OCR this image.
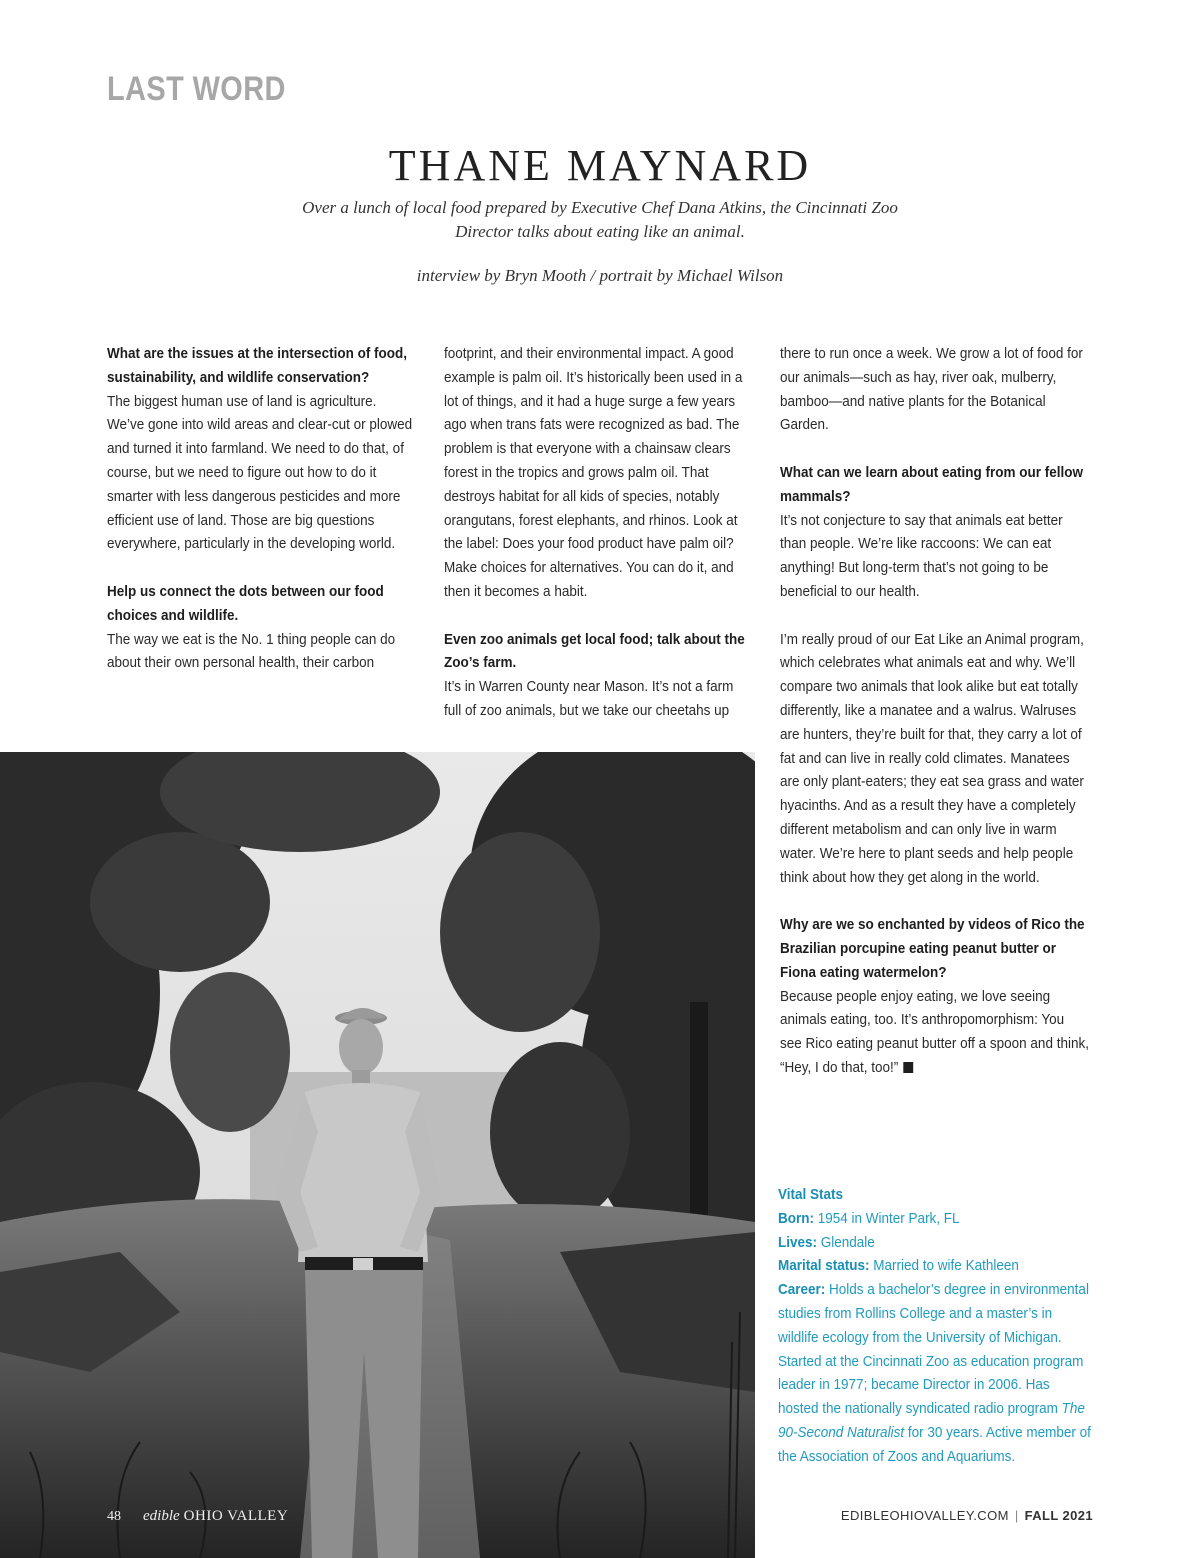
LAST WORD
THANE MAYNARD
Over a lunch of local food prepared by Executive Chef Dana Atkins, the Cincinnati Zoo Director talks about eating like an animal.
interview by Bryn Mooth / portrait by Michael Wilson

What are the issues at the intersection of food, sustainability, and wildlife conservation?

The biggest human use of land is agriculture. We’ve gone into wild areas and clear-cut or plowed and turned it into farmland. We need to do that, of course, but we need to figure out how to do it smarter with less dangerous pesticides and more efficient use of land. Those are big questions everywhere, particularly in the developing world.

Help us connect the dots between our food choices and wildlife.

The way we eat is the No. 1 thing people can do about their own personal health, their carbon

footprint, and their environmental impact. A good example is palm oil. It’s historically been used in a lot of things, and it had a huge surge a few years ago when trans fats were recognized as bad. The problem is that everyone with a chainsaw clears forest in the tropics and grows palm oil. That destroys habitat for all kids of species, notably orangutans, forest elephants, and rhinos. Look at the label: Does your food product have palm oil? Make choices for alternatives. You can do it, and then it becomes a habit.

Even zoo animals get local food; talk about the Zoo’s farm.

It’s in Warren County near Mason. It’s not a farm full of zoo animals, but we take our cheetahs up

there to run once a week. We grow a lot of food for our animals—such as hay, river oak, mulberry, bamboo—and native plants for the Botanical Garden.

What can we learn about eating from our fellow mammals?

It’s not conjecture to say that animals eat better than people. We’re like raccoons: We can eat anything! But long-term that’s not going to be beneficial to our health.

I’m really proud of our Eat Like an Animal program, which celebrates what animals eat and why. We’ll compare two animals that look alike but eat totally differently, like a manatee and a walrus. Walruses are hunters, they’re built for that, they carry a lot of fat and can live in really cold climates. Manatees are only plant-eaters; they eat sea grass and water hyacinths. And as a result they have a completely different metabolism and can only live in warm water. We’re here to plant seeds and help people think about how they get along in the world.

Why are we so enchanted by videos of Rico the Brazilian porcupine eating peanut butter or Fiona eating watermelon?

Because people enjoy eating, we love seeing animals eating, too. It’s anthropomorphism: You see Rico eating peanut butter off a spoon and think, “Hey, I do that, too!”

Vital Stats

Born: 1954 in Winter Park, FL

Lives: Glendale

Marital status: Married to wife Kathleen

Career: Holds a bachelor’s degree in environmental studies from Rollins College and a master’s in wildlife ecology from the University of Michigan. Started at the Cincinnati Zoo as education program leader in 1977; became Director in 2006. Has hosted the nationally syndicated radio program The 90-Second Naturalist for 30 years. Active member of the Association of Zoos and Aquariums.

48 edible OHIO VALLEY	EDIBLEOHIOVALLEY.COM | FALL 2021
